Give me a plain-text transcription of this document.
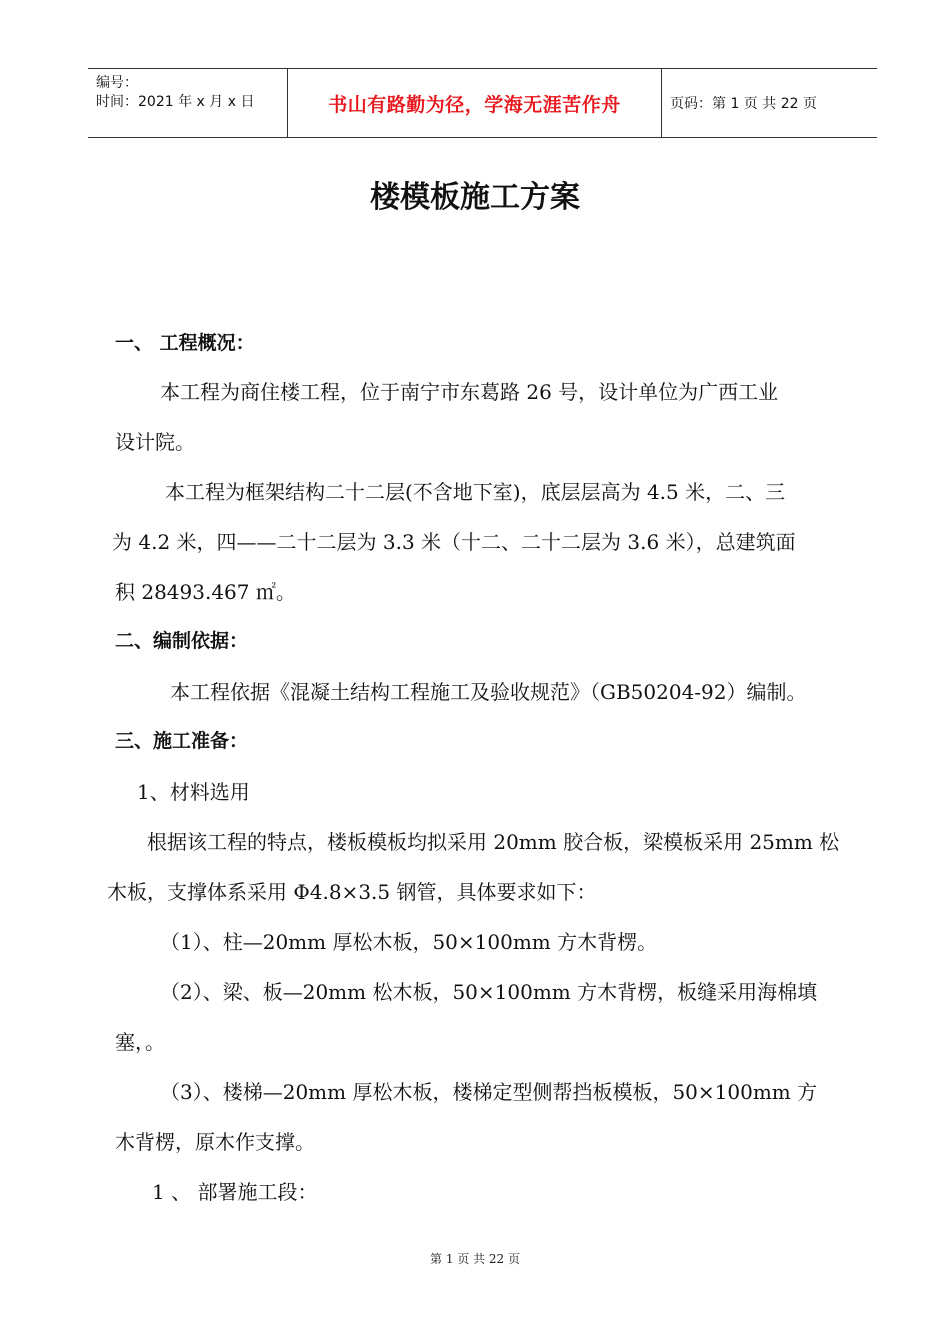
编号：
时间：2021 年 x 月 x 日	书山有路勤为径，学海无涯苦作舟	页码：第 1 页 共 22 页
楼模板施工方案
一、 工程概况：
本工程为商住楼工程，位于南宁市东葛路 26 号，设计单位为广西工业
设计院。
本工程为框架结构二十二层(不含地下室)，底层层高为 4.5 米，二、三
为 4.2 米，四——二十二层为 3.3 米（十二、二十二层为 3.6 米），总建筑面
积 28493.467 ㎡。
二、编制依据：
本工程依据《混凝土结构工程施工及验收规范》（GB50204-92）编制。
三、施工准备：
1、材料选用
根据该工程的特点，楼板模板均拟采用 20mm 胶合板，梁模板采用 25mm 松
木板，支撑体系采用 Φ4.8×3.5 钢管，具体要求如下：
（1）、柱—20mm 厚松木板，50×100mm 方木背楞。
（2）、梁、板—20mm 松木板，50×100mm 方木背楞，板缝采用海棉填
塞，。
（3）、楼梯—20mm 厚松木板，楼梯定型侧帮挡板模板，50×100mm 方
木背楞，原木作支撑。
1 、 部署施工段：
第 1 页 共 22 页
